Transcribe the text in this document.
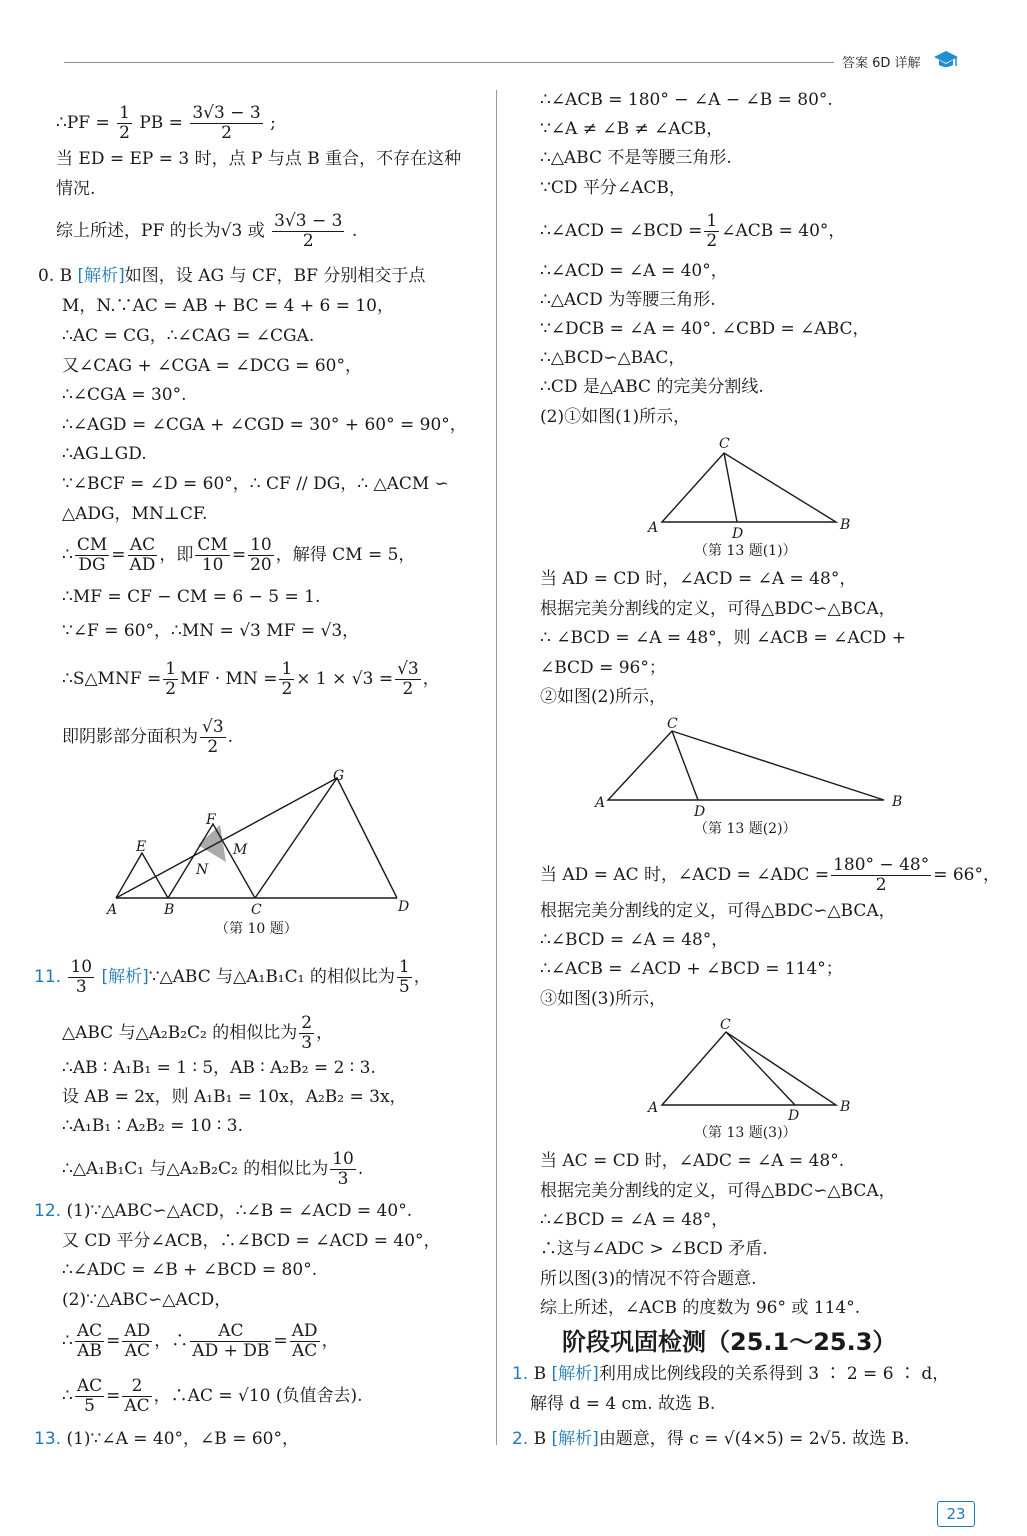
答案 6D 详解
∴PF = $\frac{1}{2}$ PB = $\frac{3√3 - 3}{2}$ ;
当 ED = EP = 3 时，点 P 与点 B 重合，不存在这种
情况.
综上所述，PF 的长为√3 或 $\frac{3√3 - 3}{2}$ .
0. B [解析]如图，设 AG 与 CF，BF 分别相交于点
M，N.∵AC = AB + BC = 4 + 6 = 10，
∴AC = CG，∴∠CAG = ∠CGA.
又∠CAG + ∠CGA = ∠DCG = 60°，
∴∠CGA = 30°.
∴∠AGD = ∠CGA + ∠CGD = 30° + 60° = 90°，
∴AG⊥GD.
∵∠BCF = ∠D = 60°，∴ CF // DG，∴ △ACM ∽
△ADG，MN⊥CF.
∴ $\frac{CM}{DG} = \frac{AC}{AD}$ ，即 $\frac{CM}{10} = \frac{10}{20}$ ，解得 CM = 5，
∴MF = CF − CM = 6 − 5 = 1.
∵∠F = 60°，∴MN = √3 MF = √3，
∴S△MNF = $\frac{1}{2}$ MF · MN = $\frac{1}{2} \times 1 \times √3 = \frac{√3}{2}$ ，
即阴影部分面积为 $\frac{√3}{2}$ .
A	B	C	D
E
F
G
M
N
（第 10 题）
11. $\frac{10}{3}$ [解析]∵△ABC 与△A₁B₁C₁ 的相似比为 $\frac{1}{5}$ ，
△ABC 与△A₂B₂C₂ 的相似比为 $\frac{2}{3}$ ，
∴AB ∶ A₁B₁ = 1 ∶ 5，AB ∶ A₂B₂ = 2 ∶ 3.
设 AB = 2x，则 A₁B₁ = 10x，A₂B₂ = 3x，
∴A₁B₁ ∶ A₂B₂ = 10 ∶ 3.
∴△A₁B₁C₁ 与△A₂B₂C₂ 的相似比为 $\frac{10}{3}$ .
12. (1)∵△ABC∽△ACD，∴∠B = ∠ACD = 40°.
又 CD 平分∠ACB，∴∠BCD = ∠ACD = 40°，
∴∠ADC = ∠B + ∠BCD = 80°.
(2)∵△ABC∽△ACD，
∴ $\frac{AC}{AB} = \frac{AD}{AC}$ ，∴ $\frac{AC}{AD + DB} = \frac{AD}{AC}$ ，
∴ $\frac{AC}{5} = \frac{2}{AC}$ ，∴AC = √10 (负值舍去).
13. (1)∵∠A = 40°，∠B = 60°，
∴∠ACB = 180° − ∠A − ∠B = 80°.
∵∠A ≠ ∠B ≠ ∠ACB，
∴△ABC 不是等腰三角形.
∵CD 平分∠ACB，
∴∠ACD = ∠BCD = $\frac{1}{2}$ ∠ACB = 40°，
∴∠ACD = ∠A = 40°，
∴△ACD 为等腰三角形.
∵∠DCB = ∠A = 40°. ∠CBD = ∠ABC，
∴△BCD∽△BAC，
∴CD 是△ABC 的完美分割线.
(2)①如图(1)所示，
A
C
D
B
（第 13 题(1)）
当 AD = CD 时，∠ACD = ∠A = 48°，
根据完美分割线的定义，可得△BDC∽△BCA，
∴ ∠BCD = ∠A = 48°，则 ∠ACB = ∠ACD +
∠BCD = 96°；
②如图(2)所示，
A
C
D
B
（第 13 题(2)）
当 AD = AC 时，∠ACD = ∠ADC = $\frac{180^\circ - 48^\circ}{2} = 66^\circ$，
根据完美分割线的定义，可得△BDC∽△BCA，
∴∠BCD = ∠A = 48°，
∴∠ACB = ∠ACD + ∠BCD = 114°；
③如图(3)所示，
A
C
D
B
（第 13 题(3)）
当 AC = CD 时，∠ADC = ∠A = 48°.
根据完美分割线的定义，可得△BDC∽△BCA，
∴∠BCD = ∠A = 48°，
∴这与∠ADC > ∠BCD 矛盾.
所以图(3)的情况不符合题意.
综上所述，∠ACB 的度数为 96° 或 114°.
阶段巩固检测（25.1～25.3）
1. B [解析]利用成比例线段的关系得到 3 ∶ 2 = 6 ∶ d，
解得 d = 4 cm. 故选 B.
2. B [解析]由题意，得 c = √(4×5) = 2√5. 故选 B.
23
